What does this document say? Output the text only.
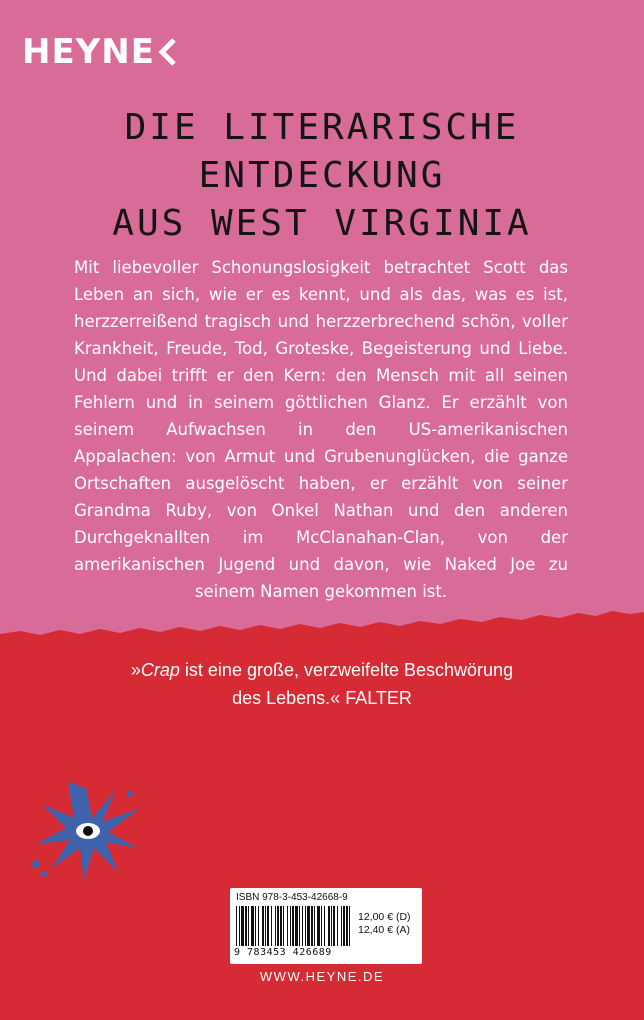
HEYNE
DIE LITERARISCHE
ENTDECKUNG
AUS WEST VIRGINIA
Mit liebevoller Schonungslosigkeit betrachtet Scott das Leben an sich, wie er es kennt, und als das, was es ist, herzzerreißend tragisch und herzzerbrechend schön, voller Krankheit, Freude, Tod, Groteske, Begeisterung und Liebe. Und dabei trifft er den Kern: den Mensch mit all seinen Fehlern und in seinem göttlichen Glanz. Er erzählt von seinem Aufwachsen in den US-amerikanischen Appalachen: von Armut und Grubenunglücken, die ganze Ortschaften ausgelöscht haben, er erzählt von seiner Grandma Ruby, von Onkel Nathan und den anderen Durchgeknallten im McClanahan-Clan, von der amerikanischen Jugend und davon, wie Naked Joe zu seinem Namen gekommen ist.
»Crap ist eine große, verzweifelte Beschwörung
des Lebens.« FALTER
ISBN 978-3-453-42668-9
12,00 € (D)
12,40 € (A)
9 783453 426689
WWW.HEYNE.DE
